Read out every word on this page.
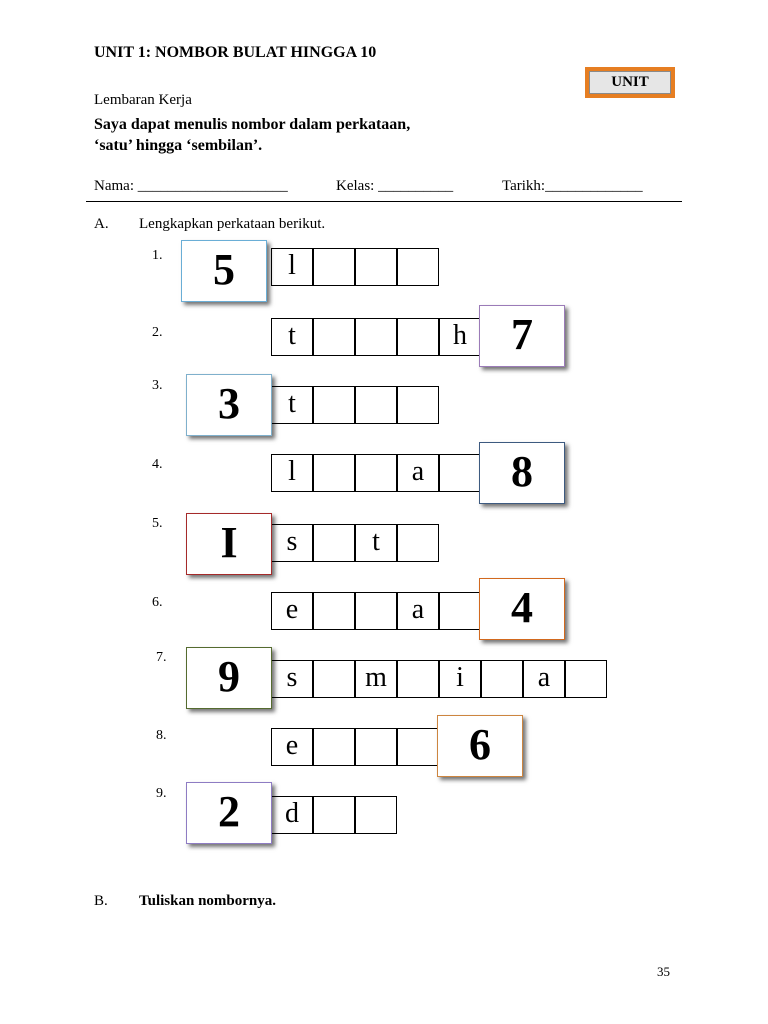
UNIT 1: NOMBOR BULAT HINGGA 10
UNIT
Lembaran Kerja
Saya dapat menulis nombor dalam perkataan,
‘satu’ hingga ‘sembilan’.
Nama: ____________________	Kelas: __________	Tarikh:_____________
A. Lengkapkan perkataan berikut.
1.	l
5
2.	t	h	7
3.
t
3
4.	l	a	8
5.
s	t
I
6.	e	a	4
7.
s	m	i	a
9
8.	e	6
9.
d
2
B. Tuliskan nombornya.
35
